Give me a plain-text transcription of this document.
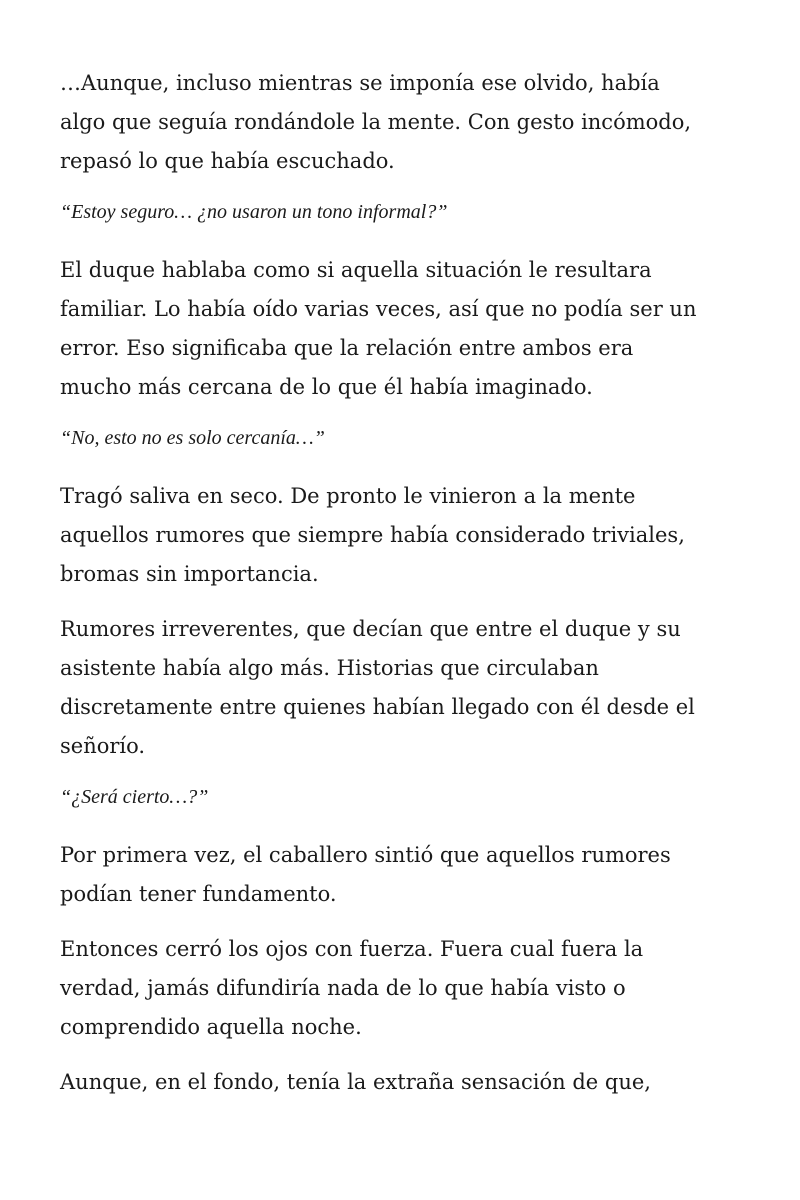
…Aunque, incluso mientras se imponía ese olvido, había
algo que seguía rondándole la mente. Con gesto incómodo,
repasó lo que había escuchado.

“Estoy seguro… ¿no usaron un tono informal?”

El duque hablaba como si aquella situación le resultara
familiar. Lo había oído varias veces, así que no podía ser un
error. Eso significaba que la relación entre ambos era
mucho más cercana de lo que él había imaginado.

“No, esto no es solo cercanía…”

Tragó saliva en seco. De pronto le vinieron a la mente
aquellos rumores que siempre había considerado triviales,
bromas sin importancia.

Rumores irreverentes, que decían que entre el duque y su
asistente había algo más. Historias que circulaban
discretamente entre quienes habían llegado con él desde el
señorío.

“¿Será cierto…?”

Por primera vez, el caballero sintió que aquellos rumores
podían tener fundamento.

Entonces cerró los ojos con fuerza. Fuera cual fuera la
verdad, jamás difundiría nada de lo que había visto o
comprendido aquella noche.

Aunque, en el fondo, tenía la extraña sensación de que,
